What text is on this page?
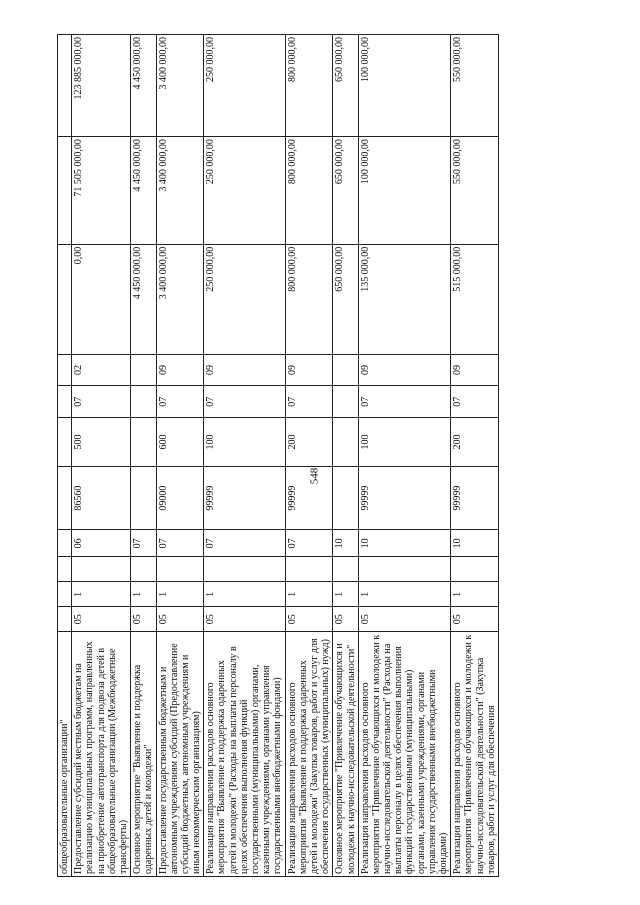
548
общеобразовательные организации"											
Предоставление субсидий местным бюджетам на реализацию муниципальных программ, направленных на приобретение автотранспорта для подвоза детей в общеобразовательные организации (Межбюджетные трансферты)	05	1		06	86560	500	07	02	0,00	71 505 000,00	123 885 000,00
Основное мероприятие "Выявление и поддержка одаренных детей и молодежи"	05	1		07					4 450 000,00	4 450 000,00	4 450 000,00
Предоставление государственным бюджетным и автономным учреждениям субсидий (Предоставление субсидий бюджетным, автономным учреждениям и иным некоммерческим организациям)	05	1		07	09000	600	07	09	3 400 000,00	3 400 000,00	3 400 000,00
Реализация направления расходов основного мероприятия "Выявление и поддержка одаренных детей и молодежи" (Расходы на выплаты персоналу в целях обеспечения выполнения функций государственными (муниципальными) органами, казенными учреждениями, органами управления государственными внебюджетными фондами)	05	1		07	99999	100	07	09	250 000,00	250 000,00	250 000,00
Реализация направления расходов основного мероприятия "Выявление и поддержка одаренных детей и молодежи" (Закупка товаров, работ и услуг для обеспечения государственных (муниципальных) нужд)	05	1		07	99999	200	07	09	800 000,00	800 000,00	800 000,00
Основное мероприятие "Привлечение обучающихся и молодежи к научно-исследовательской деятельности"	05	1		10					650 000,00	650 000,00	650 000,00
Реализация направления расходов основного мероприятия "Привлечение обучающихся и молодежи к научно-исследовательской деятельности" (Расходы на выплаты персоналу в целях обеспечения выполнения функций государственными (муниципальными) органами, казенными учреждениями, органами управления государственными внебюджетными фондами)	05	1		10	99999	100	07	09	135 000,00	100 000,00	100 000,00
Реализация направления расходов основного мероприятия "Привлечение обучающихся и молодежи к научно-исследовательской деятельности" (Закупка товаров, работ и услуг для обеспечения	05	1		10	99999	200	07	09	515 000,00	550 000,00	550 000,00
